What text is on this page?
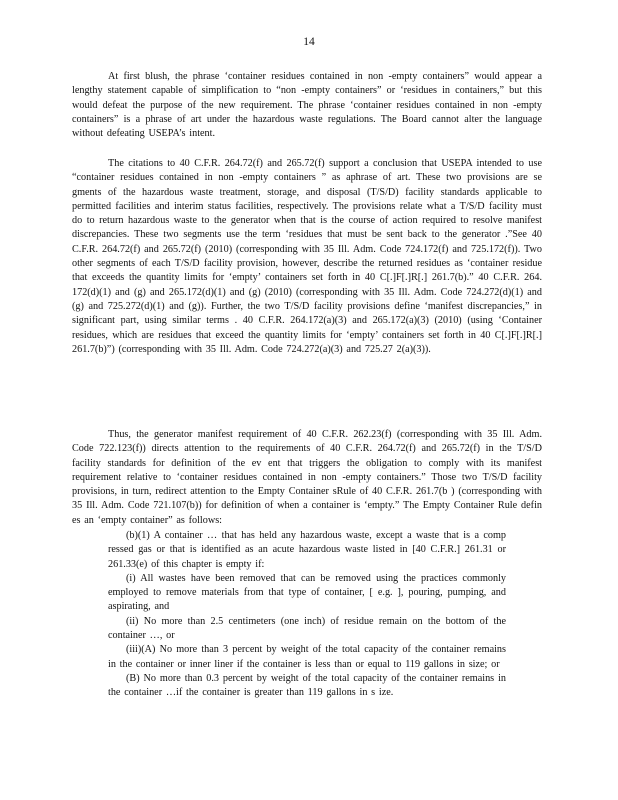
14

At first blush, the phrase ‘container residues contained in non -empty containers” would appear a lengthy statement capable of simplification to “non -empty containers” or ‘residues in containers,” but this would defeat the purpose of the new requirement. The phrase ‘container residues contained in non -empty containers” is a phrase of art under the hazardous waste regulations. The Board cannot alter the language without defeating USEPA’s intent.

The citations to 40 C.F.R. 264.72(f) and 265.72(f) support a conclusion that USEPA intended to use “container residues contained in non -empty containers ” as aphrase of art. These two provisions are se gments of the hazardous waste treatment, storage, and disposal (T/S/D) facility standards applicable to permitted facilities and interim status facilities, respectively. The provisions relate what a T/S/D facility must do to return hazardous waste to the generator when that is the course of action required to resolve manifest discrepancies. These two segments use the term ‘residues that must be sent back to the generator .”See 40 C.F.R. 264.72(f) and 265.72(f) (2010) (corresponding with 35 Ill. Adm. Code 724.172(f) and 725.172(f)). Two other segments of each T/S/D facility provision, however, describe the returned residues as ‘container residue that exceeds the quantity limits for ‘empty’ containers set forth in 40 C[.]F[.]R[.] 261.7(b).” 40 C.F.R. 264. 172(d)(1) and (g) and 265.172(d)(1) and (g) (2010) (corresponding with 35 Ill. Adm. Code 724.272(d)(1) and (g) and 725.272(d)(1) and (g)). Further, the two T/S/D facility provisions define ‘manifest discrepancies,” in significant part, using similar terms . 40 C.F.R. 264.172(a)(3) and 265.172(a)(3) (2010) (using ‘Container residues, which are residues that exceed the quantity limits for ‘empty’ containers set forth in 40 C[.]F[.]R[.] 261.7(b)”) (corresponding with 35 Ill. Adm. Code 724.272(a)(3) and 725.27 2(a)(3)).

Thus, the generator manifest requirement of 40 C.F.R. 262.23(f) (corresponding with 35 Ill. Adm. Code 722.123(f)) directs attention to the requirements of 40 C.F.R. 264.72(f) and 265.72(f) in the T/S/D facility standards for definition of the ev ent that triggers the obligation to comply with its manifest requirement relative to ‘container residues contained in non -empty containers.” Those two T/S/D facility provisions, in turn, redirect attention to the Empty Container sRule of 40 C.F.R. 261.7(b ) (corresponding with 35 Ill. Adm. Code 721.107(b)) for definition of when a container is ‘empty.” The Empty Container Rule defin es an ‘empty container” as follows:

(b)(1) A container … that has held any hazardous waste, except a waste that is a comp ressed gas or that is identified as an acute hazardous waste listed in [40 C.F.R.] 261.31 or 261.33(e) of this chapter is empty if:

(i) All wastes have been removed that can be removed using the practices commonly employed to remove materials from that type of container, [ e.g. ], pouring, pumping, and aspirating, and

(ii) No more than 2.5 centimeters (one inch) of residue remain on the bottom of the container …, or

(iii)(A) No more than 3 percent by weight of the total capacity of the container remains in the container or inner liner if the container is less than or equal to 119 gallons in size; or

(B) No more than 0.3 percent by weight of the total capacity of the container remains in the container …if the container is greater than 119 gallons in s ize.
